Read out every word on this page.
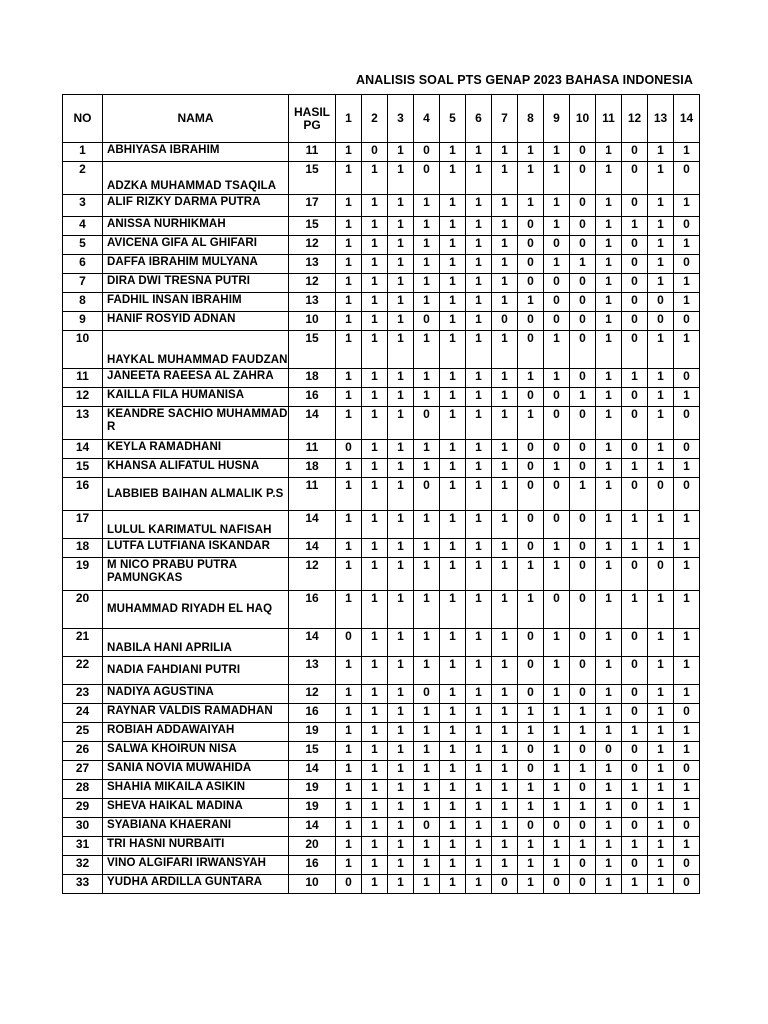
ANALISIS SOAL PTS GENAP 2023 BAHASA INDONESIA
NO	NAMA	HASIL PG	1	2	3	4	5	6	7	8	9	10	11	12	13	14
1	ABHIYASA IBRAHIM	11	1	0	1	0	1	1	1	1	1	0	1	0	1	1
2	ADZKA MUHAMMAD TSAQILA	15	1	1	1	0	1	1	1	1	1	0	1	0	1	0
3	ALIF RIZKY DARMA PUTRA	17	1	1	1	1	1	1	1	1	1	0	1	0	1	1
4	ANISSA NURHIKMAH	15	1	1	1	1	1	1	1	0	1	0	1	1	1	0
5	AVICENA GIFA AL GHIFARI	12	1	1	1	1	1	1	1	0	0	0	1	0	1	1
6	DAFFA IBRAHIM MULYANA	13	1	1	1	1	1	1	1	0	1	1	1	0	1	0
7	DIRA DWI TRESNA PUTRI	12	1	1	1	1	1	1	1	0	0	0	1	0	1	1
8	FADHIL INSAN IBRAHIM	13	1	1	1	1	1	1	1	1	0	0	1	0	0	1
9	HANIF ROSYID ADNAN	10	1	1	1	0	1	1	0	0	0	0	1	0	0	0
10	HAYKAL MUHAMMAD FAUDZAN	15	1	1	1	1	1	1	1	0	1	0	1	0	1	1
11	JANEETA RAEESA AL ZAHRA	18	1	1	1	1	1	1	1	1	1	0	1	1	1	0
12	KAILLA FILA HUMANISA	16	1	1	1	1	1	1	1	0	0	1	1	0	1	1
13	KEANDRE SACHIO MUHAMMAD R	14	1	1	1	0	1	1	1	1	0	0	1	0	1	0
14	KEYLA RAMADHANI	11	0	1	1	1	1	1	1	0	0	0	1	0	1	0
15	KHANSA ALIFATUL HUSNA	18	1	1	1	1	1	1	1	0	1	0	1	1	1	1
16	LABBIEB BAIHAN ALMALIK P.S	11	1	1	1	0	1	1	1	0	0	1	1	0	0	0
17	LULUL KARIMATUL NAFISAH	14	1	1	1	1	1	1	1	0	0	0	1	1	1	1
18	LUTFA LUTFIANA ISKANDAR	14	1	1	1	1	1	1	1	0	1	0	1	1	1	1
19	M NICO PRABU PUTRA PAMUNGKAS	12	1	1	1	1	1	1	1	1	1	0	1	0	0	1
20	MUHAMMAD RIYADH EL HAQ	16	1	1	1	1	1	1	1	1	0	0	1	1	1	1
21	NABILA HANI APRILIA	14	0	1	1	1	1	1	1	0	1	0	1	0	1	1
22	NADIA FAHDIANI PUTRI	13	1	1	1	1	1	1	1	0	1	0	1	0	1	1
23	NADIYA AGUSTINA	12	1	1	1	0	1	1	1	0	1	0	1	0	1	1
24	RAYNAR VALDIS RAMADHAN	16	1	1	1	1	1	1	1	1	1	1	1	0	1	0
25	ROBIAH ADDAWAIYAH	19	1	1	1	1	1	1	1	1	1	1	1	1	1	1
26	SALWA KHOIRUN NISA	15	1	1	1	1	1	1	1	0	1	0	0	0	1	1
27	SANIA NOVIA MUWAHIDA	14	1	1	1	1	1	1	1	0	1	1	1	0	1	0
28	SHAHIA MIKAILA ASIKIN	19	1	1	1	1	1	1	1	1	1	0	1	1	1	1
29	SHEVA HAIKAL MADINA	19	1	1	1	1	1	1	1	1	1	1	1	0	1	1
30	SYABIANA KHAERANI	14	1	1	1	0	1	1	1	0	0	0	1	0	1	0
31	TRI HASNI NURBAITI	20	1	1	1	1	1	1	1	1	1	1	1	1	1	1
32	VINO ALGIFARI IRWANSYAH	16	1	1	1	1	1	1	1	1	1	0	1	0	1	0
33	YUDHA ARDILLA GUNTARA	10	0	1	1	1	1	1	0	1	0	0	1	1	1	0
